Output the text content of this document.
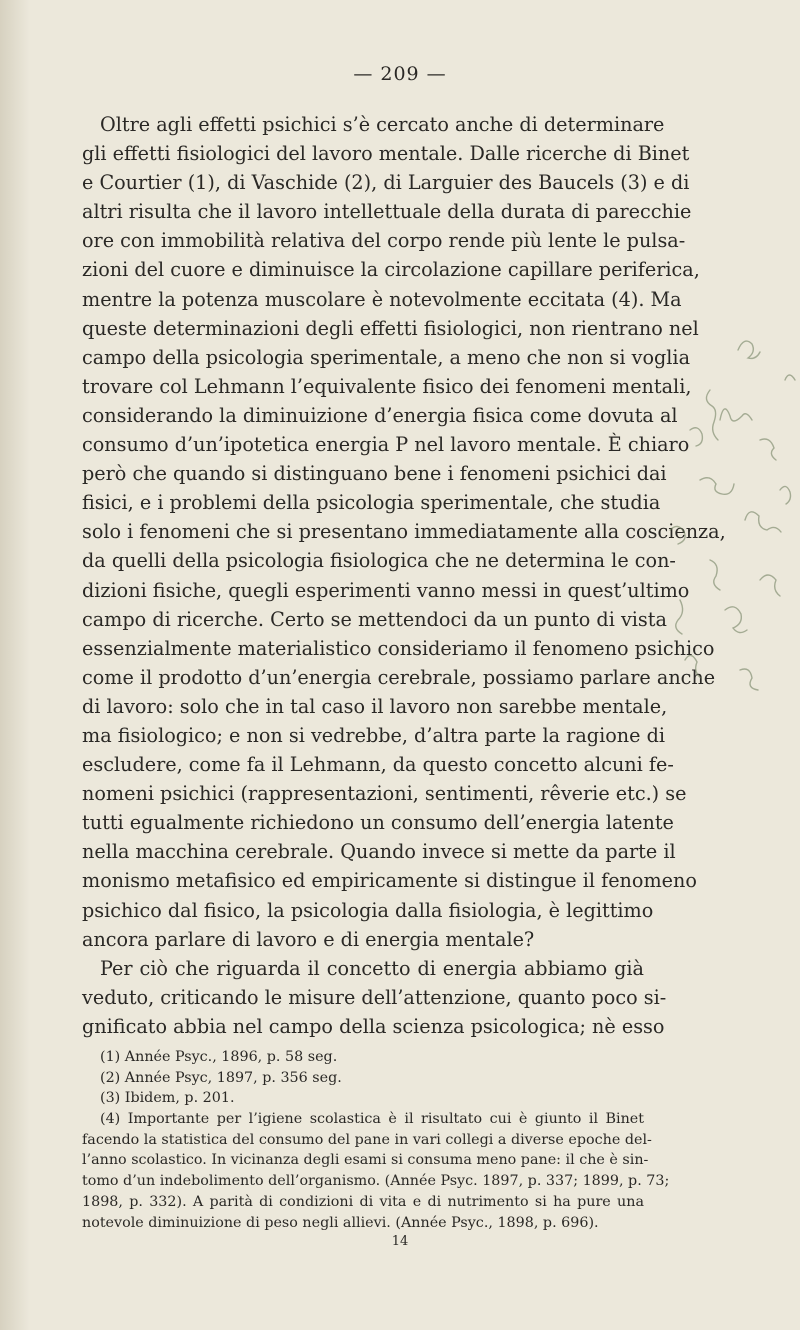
— 209 —
Oltre agli effetti psichici s’è cercato anche di determinare
gli effetti fisiologici del lavoro mentale. Dalle ricerche di Binet
e Courtier (1), di Vaschide (2), di Larguier des Baucels (3) e di
altri risulta che il lavoro intellettuale della durata di parecchie
ore con immobilità relativa del corpo rende più lente le pulsa-
zioni del cuore e diminuisce la circolazione capillare periferica,
mentre la potenza muscolare è notevolmente eccitata (4). Ma
queste determinazioni degli effetti fisiologici, non rientrano nel
campo della psicologia sperimentale, a meno che non si voglia
trovare col Lehmann l’equivalente fisico dei fenomeni mentali,
considerando la diminuizione d’energia fisica come dovuta al
consumo d’un’ipotetica energia P nel lavoro mentale. È chiaro
però che quando si distinguano bene i fenomeni psichici dai
fisici, e i problemi della psicologia sperimentale, che studia
solo i fenomeni che si presentano immediatamente alla coscienza,
da quelli della psicologia fisiologica che ne determina le con-
dizioni fisiche, quegli esperimenti vanno messi in quest’ultimo
campo di ricerche. Certo se mettendoci da un punto di vista
essenzialmente materialistico consideriamo il fenomeno psichico
come il prodotto d’un’energia cerebrale, possiamo parlare anche
di lavoro: solo che in tal caso il lavoro non sarebbe mentale,
ma fisiologico; e non si vedrebbe, d’altra parte la ragione di
escludere, come fa il Lehmann, da questo concetto alcuni fe-
nomeni psichici (rappresentazioni, sentimenti, rêverie etc.) se
tutti egualmente richiedono un consumo dell’energia latente
nella macchina cerebrale. Quando invece si mette da parte il
monismo metafisico ed empiricamente si distingue il fenomeno
psichico dal fisico, la psicologia dalla fisiologia, è legittimo
ancora parlare di lavoro e di energia mentale?
Per ciò che riguarda il concetto di energia abbiamo già
veduto, criticando le misure dell’attenzione, quanto poco si-
gnificato abbia nel campo della scienza psicologica; nè esso
(1) Année Psyc., 1896, p. 58 seg.
(2) Année Psyc, 1897, p. 356 seg.
(3) Ibidem, p. 201.
(4) Importante per l’igiene scolastica è il risultato cui è giunto il Binet
facendo la statistica del consumo del pane in vari collegi a diverse epoche del-
l’anno scolastico. In vicinanza degli esami si consuma meno pane: il che è sin-
tomo d’un indebolimento dell’organismo. (Année Psyc. 1897, p. 337; 1899, p. 73;
1898, p. 332). A parità di condizioni di vita e di nutrimento si ha pure una
notevole diminuizione di peso negli allievi. (Année Psyc., 1898, p. 696).
14
